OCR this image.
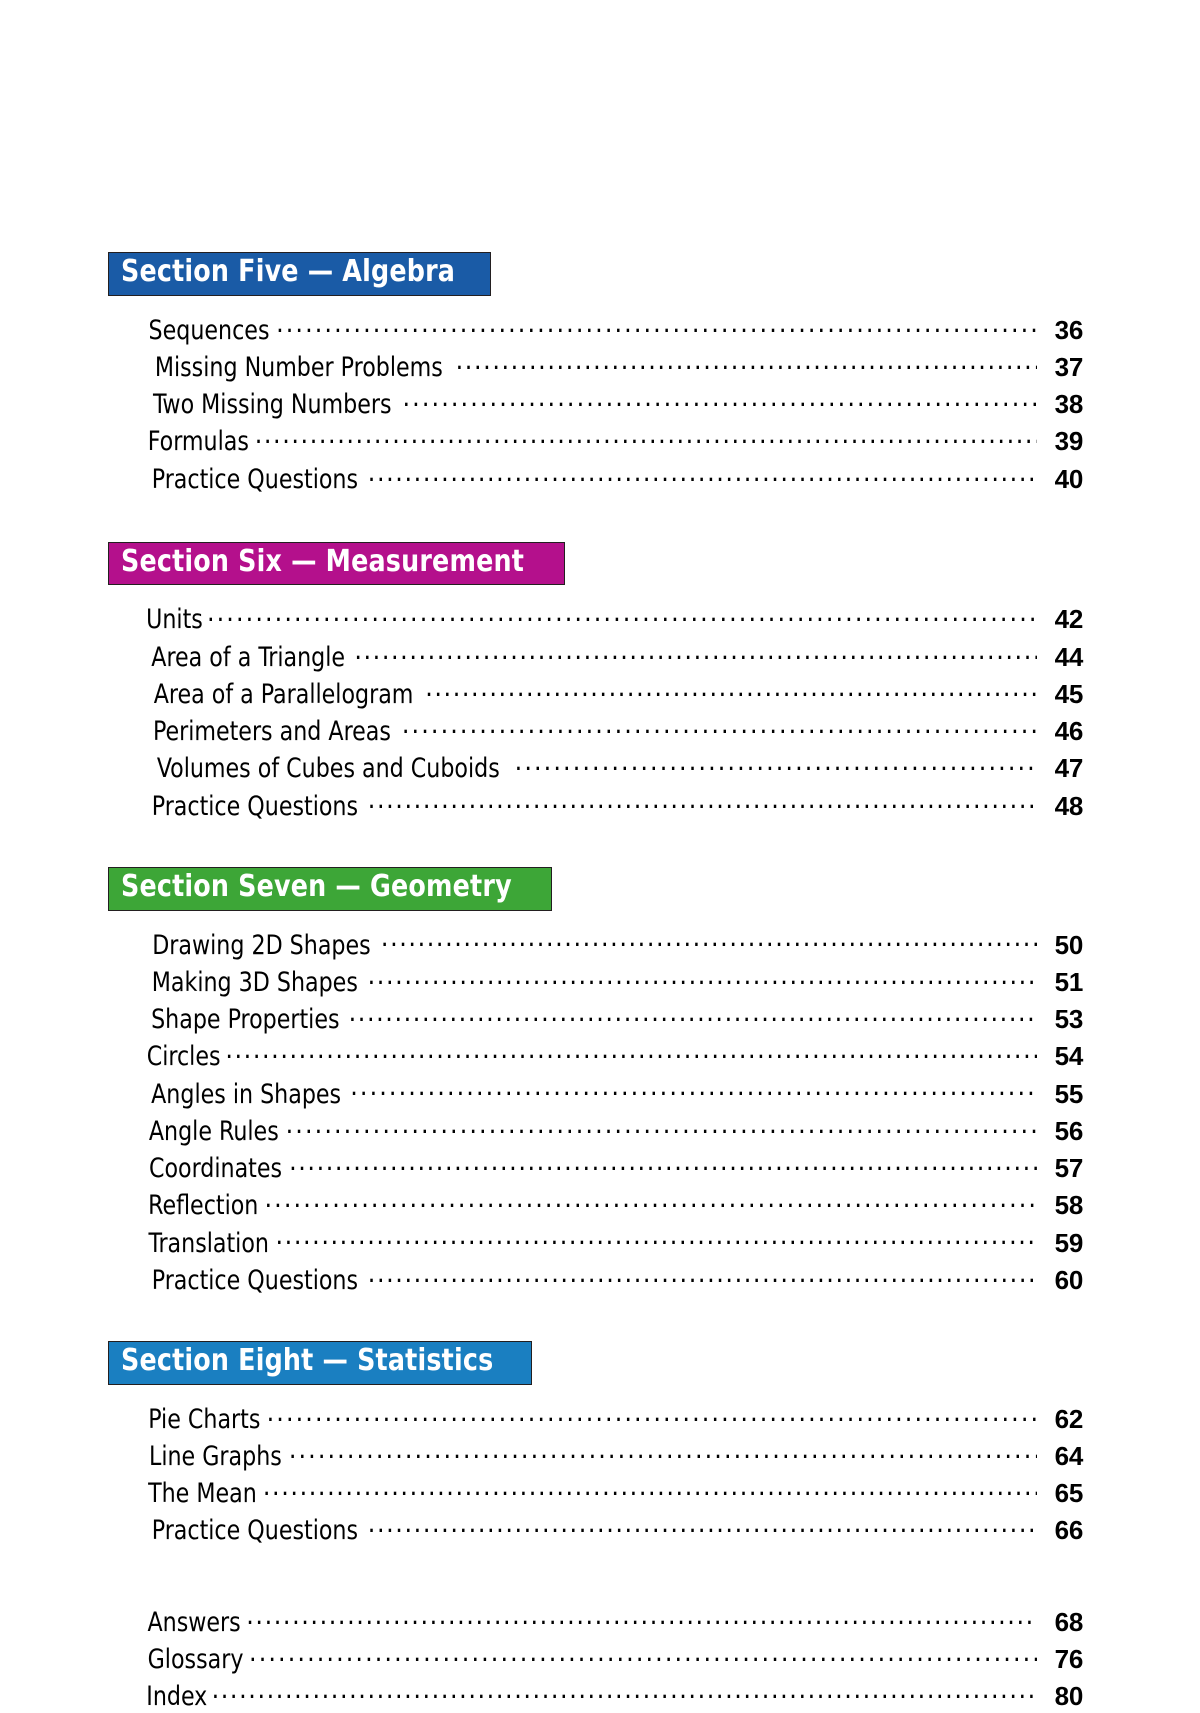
Section Five — Algebra
Sequences .....	36
Missing Number Problems .....	37
Two Missing Numbers .....	38
Formulas .....	39
Practice Questions .....	40
Section Six — Measurement
Units .....	42
Area of a Triangle .....	44
Area of a Parallelogram .....	45
Perimeters and Areas .....	46
Volumes of Cubes and Cuboids .....	47
Practice Questions .....	48
Section Seven — Geometry
Drawing 2D Shapes .....	50
Making 3D Shapes .....	51
Shape Properties .....	53
Circles .....	54
Angles in Shapes .....	55
Angle Rules .....	56
Coordinates .....	57
Reflection .....	58
Translation .....	59
Practice Questions .....	60
Section Eight — Statistics
Pie Charts .....	62
Line Graphs .....	64
The Mean .....	65
Practice Questions .....	66
Answers .....	68
Glossary .....	76
Index .....	80
